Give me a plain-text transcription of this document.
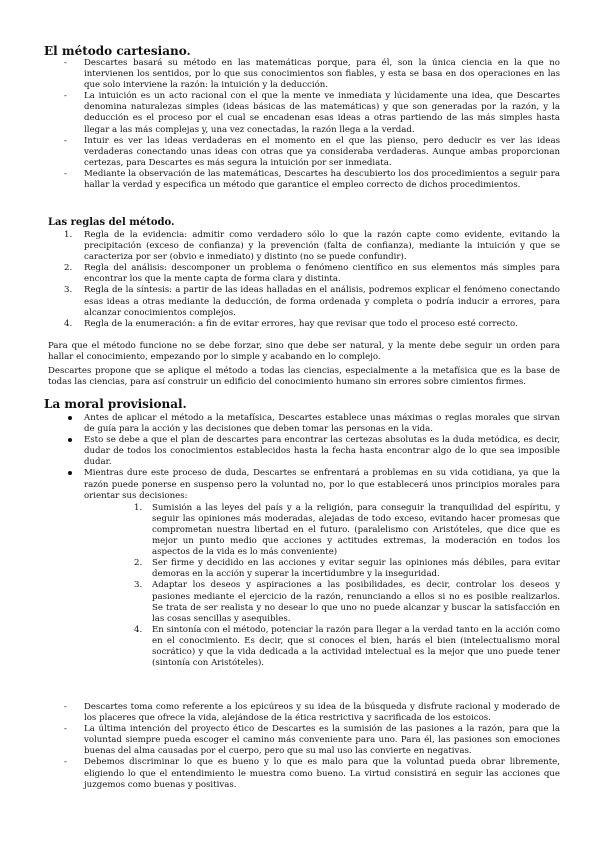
El método cartesiano.
- Descartes basará su método en las matemáticas porque, para él, son la única ciencia en la que no intervienen los sentidos, por lo que sus conocimientos son fiables, y esta se basa en dos operaciones en las que solo interviene la razón: la intuición y la deducción.
- La intuición es un acto racional con el que la mente ve inmediata y lúcidamente una idea, que Descartes denomina naturalezas simples (ideas básicas de las matemáticas) y que son generadas por la razón, y la deducción es el proceso por el cual se encadenan esas ideas a otras partiendo de las más simples hasta llegar a las más complejas y, una vez conectadas, la razón llega a la verdad.
- Intuir es ver las ideas verdaderas en el momento en el que las pienso, pero deducir es ver las ideas verdaderas conectando unas ideas con otras que ya consideraba verdaderas. Aunque ambas proporcionan certezas, para Descartes es más segura la intuición por ser inmediata.
- Mediante la observación de las matemáticas, Descartes ha descubierto los dos procedimientos a seguir para hallar la verdad y especifica un método que garantice el empleo correcto de dichos procedimientos.
Las reglas del método.
1. Regla de la evidencia: admitir como verdadero sólo lo que la razón capte como evidente, evitando la precipitación (exceso de confianza) y la prevención (falta de confianza), mediante la intuición y que se caracteriza por ser (obvio e inmediato) y distinto (no se puede confundir).
2. Regla del análisis: descomponer un problema o fenómeno científico en sus elementos más simples para encontrar los que la mente capta de forma clara y distinta.
3. Regla de la síntesis: a partir de las ideas halladas en el análisis, podremos explicar el fenómeno conectando esas ideas a otras mediante la deducción, de forma ordenada y completa o podría inducir a errores, para alcanzar conocimientos complejos.
4. Regla de la enumeración: a fin de evitar errores, hay que revisar que todo el proceso esté correcto.
Para que el método funcione no se debe forzar, sino que debe ser natural, y la mente debe seguir un orden para hallar el conocimiento, empezando por lo simple y acabando en lo complejo.
Descartes propone que se aplique el método a todas las ciencias, especialmente a la metafísica que es la base de todas las ciencias, para así construir un edificio del conocimiento humano sin errores sobre cimientos firmes.
La moral provisional.
Antes de aplicar el método a la metafísica, Descartes establece unas máximas o reglas morales que sirvan de guía para la acción y las decisiones que deben tomar las personas en la vida.
Esto se debe a que el plan de descartes para encontrar las certezas absolutas es la duda metódica, es decir, dudar de todos los conocimientos establecidos hasta la fecha hasta encontrar algo de lo que sea imposible dudar.
Mientras dure este proceso de duda, Descartes se enfrentará a problemas en su vida cotidiana, ya que la razón puede ponerse en suspenso pero la voluntad no, por lo que establecerá unos principios morales para orientar sus decisiones:
1. Sumisión a las leyes del país y a la religión, para conseguir la tranquilidad del espíritu, y seguir las opiniones más moderadas, alejadas de todo exceso, evitando hacer promesas que comprometan nuestra libertad en el futuro. (paralelismo con Aristóteles, que dice que es mejor un punto medio que acciones y actitudes extremas, la moderación en todos los aspectos de la vida es lo más conveniente)
2. Ser firme y decidido en las acciones y evitar seguir las opiniones más débiles, para evitar demoras en la acción y superar la incertidumbre y la inseguridad.
3. Adaptar los deseos y aspiraciones a las posibilidades, es decir, controlar los deseos y pasiones mediante el ejercicio de la razón, renunciando a ellos si no es posible realizarlos. Se trata de ser realista y no desear lo que uno no puede alcanzar y buscar la satisfacción en las cosas sencillas y asequibles.
4. En sintonía con el método, potenciar la razón para llegar a la verdad tanto en la acción como en el conocimiento. Es decir, que si conoces el bien, harás el bien (intelectualismo moral socrático) y que la vida dedicada a la actividad intelectual es la mejor que uno puede tener (sintonía con Aristóteles).
- Descartes toma como referente a los epicúreos y su idea de la búsqueda y disfrute racional y moderado de los placeres que ofrece la vida, alejándose de la ética restrictiva y sacrificada de los estoicos.
- La última intención del proyecto ético de Descartes es la sumisión de las pasiones a la razón, para que la voluntad siempre pueda escoger el camino más conveniente para uno. Para él, las pasiones son emociones buenas del alma causadas por el cuerpo, pero que su mal uso las convierte en negativas.
- Debemos discriminar lo que es bueno y lo que es malo para que la voluntad pueda obrar libremente, eligiendo lo que el entendimiento le muestra como bueno. La virtud consistirá en seguir las acciones que juzgemos como buenas y positivas.
